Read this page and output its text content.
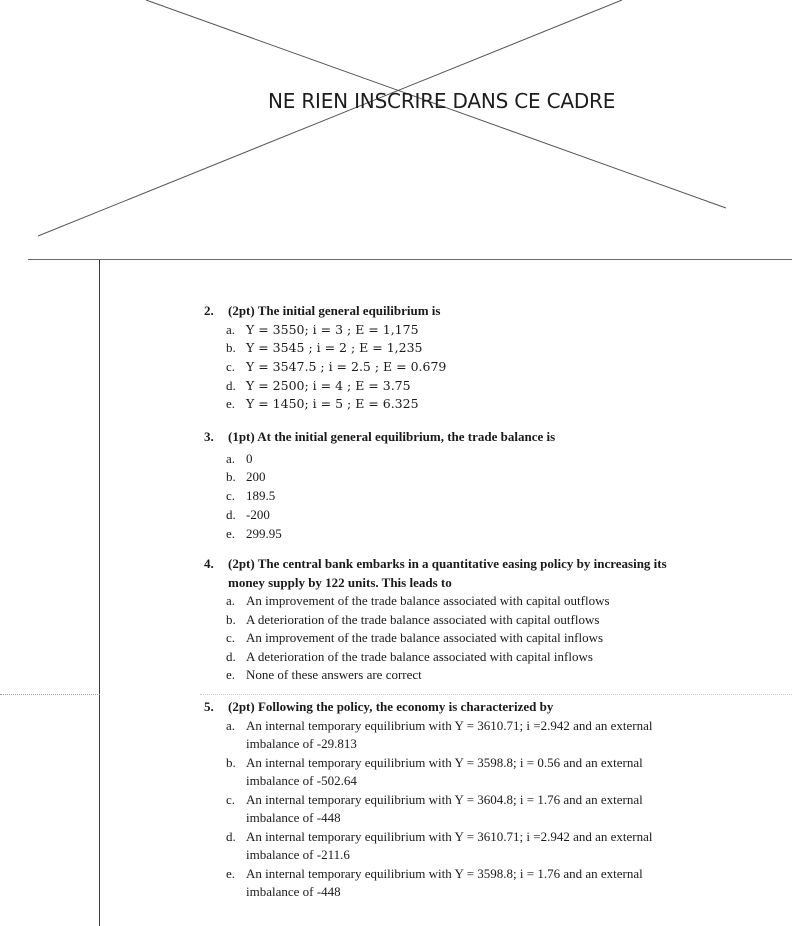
NE RIEN INSCRIRE DANS CE CADRE
2.	(2pt) The initial general equilibrium is
a. Y = 3550; i = 3 ; E = 1,175
b. Y = 3545 ; i = 2 ; E = 1,235
c. Y = 3547.5 ; i = 2.5 ; E = 0.679
d. Y = 2500; i = 4 ; E = 3.75
e. Y = 1450; i = 5 ; E = 6.325
3.	(1pt) At the initial general equilibrium, the trade balance is
a. 0
b. 200
c. 189.5
d. -200
e. 299.95
4.	(2pt) The central bank embarks in a quantitative easing policy by increasing its money supply by 122 units. This leads to
a. An improvement of the trade balance associated with capital outflows
b. A deterioration of the trade balance associated with capital outflows
c. An improvement of the trade balance associated with capital inflows
d. A deterioration of the trade balance associated with capital inflows
e. None of these answers are correct
5.	(2pt) Following the policy, the economy is characterized by
a. An internal temporary equilibrium with Y = 3610.71; i =2.942 and an external imbalance of -29.813
b. An internal temporary equilibrium with Y = 3598.8; i = 0.56 and an external imbalance of -502.64
c. An internal temporary equilibrium with Y = 3604.8; i = 1.76 and an external imbalance of -448
d. An internal temporary equilibrium with Y = 3610.71; i =2.942 and an external imbalance of -211.6
e. An internal temporary equilibrium with Y = 3598.8; i = 1.76 and an external imbalance of -448
